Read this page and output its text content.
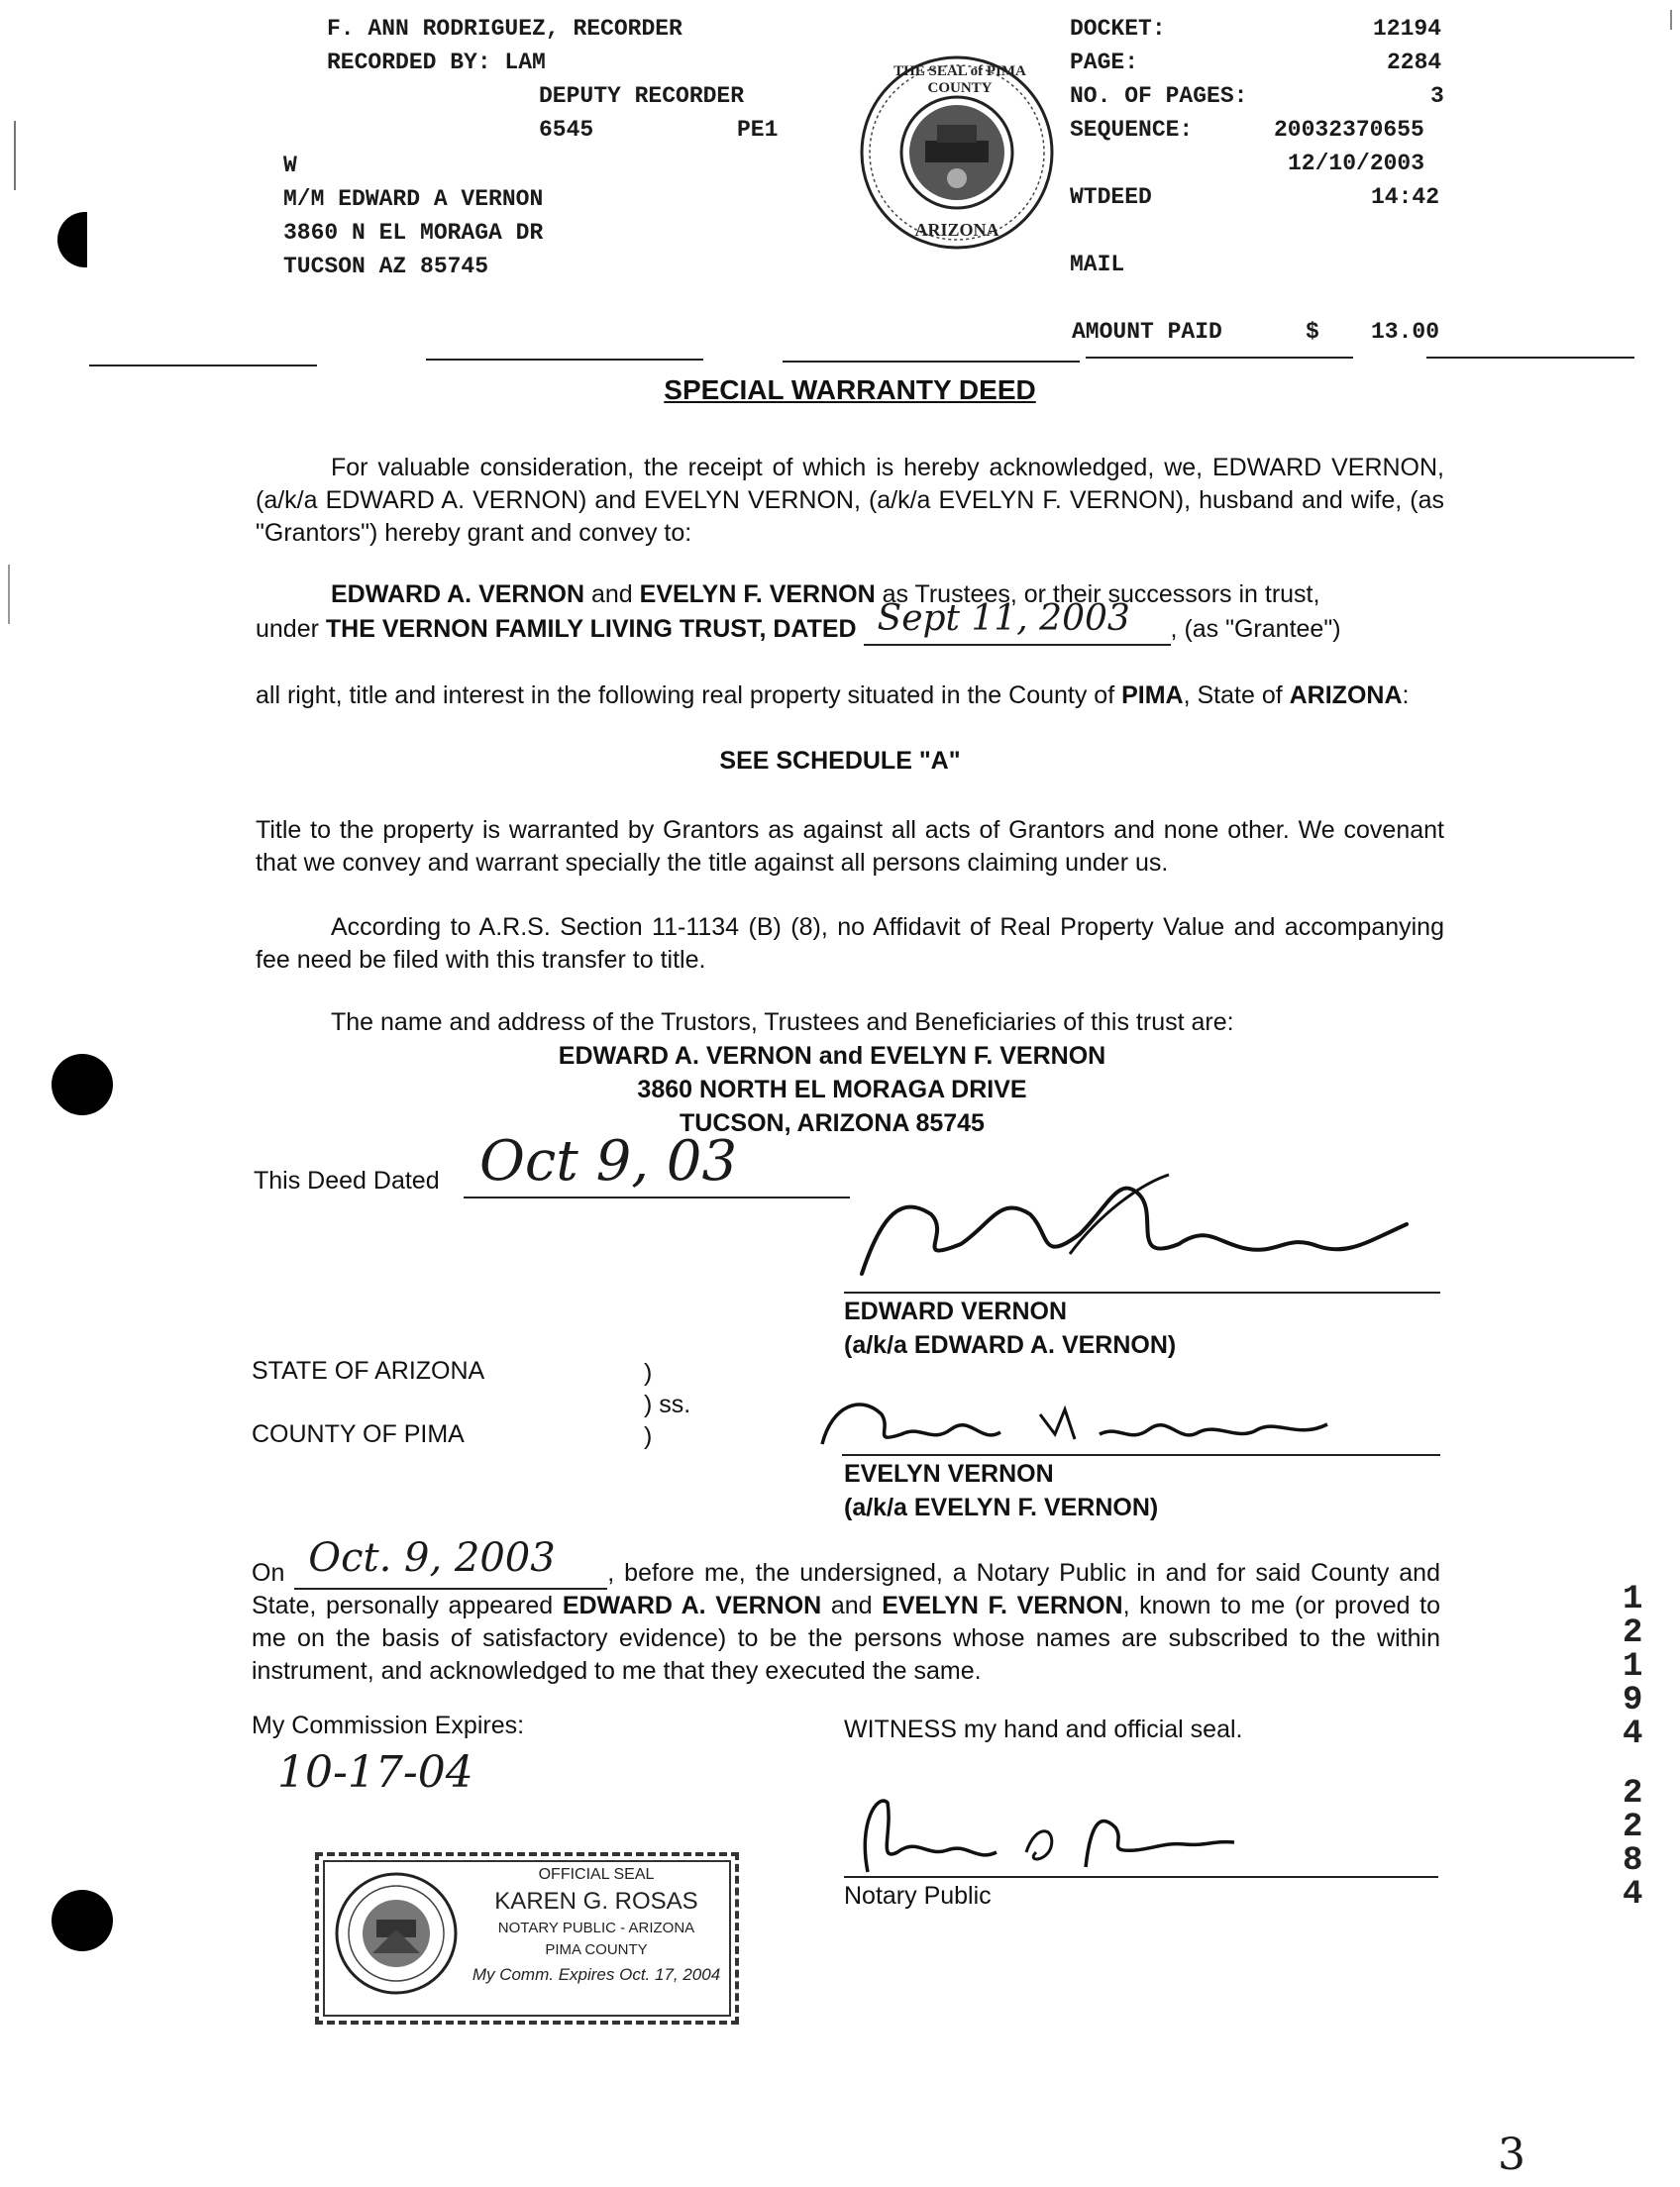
F. ANN RODRIGUEZ, RECORDER
RECORDED BY: LAM
DEPUTY RECORDER
6545	PE1
W
M/M EDWARD A VERNON
3860 N EL MORAGA DR
TUCSON AZ 85745
THE SEAL of PIMA COUNTY
ARIZONA
DOCKET:	12194
PAGE:	2284
NO. OF PAGES:	3
SEQUENCE:	20032370655
12/10/2003
WTDEED	14:42
MAIL
AMOUNT PAID	$ 13.00
SPECIAL WARRANTY DEED
For valuable consideration, the receipt of which is hereby acknowledged, we, EDWARD VERNON, (a/k/a EDWARD A. VERNON) and EVELYN VERNON, (a/k/a EVELYN F. VERNON), husband and wife, (as "Grantors") hereby grant and convey to:
EDWARD A. VERNON and EVELYN F. VERNON as Trustees, or their successors in trust,
under THE VERNON FAMILY LIVING TRUST, DATED Sept 11, 2003 , (as "Grantee")
all right, title and interest in the following real property situated in the County of PIMA, State of ARIZONA:
SEE SCHEDULE "A"
Title to the property is warranted by Grantors as against all acts of Grantors and none other. We covenant that we convey and warrant specially the title against all persons claiming under us.
According to A.R.S. Section 11-1134 (B) (8), no Affidavit of Real Property Value and accompanying fee need be filed with this transfer to title.
The name and address of the Trustors, Trustees and Beneficiaries of this trust are:
EDWARD A. VERNON and EVELYN F. VERNON
3860 NORTH EL MORAGA DRIVE
TUCSON, ARIZONA 85745
This Deed Dated Oct 9, 03
EDWARD VERNON
(a/k/a EDWARD A. VERNON)
STATE OF ARIZONA
COUNTY OF PIMA
)
) ss.
)
EVELYN VERNON
(a/k/a EVELYN F. VERNON)
On Oct. 9, 2003 , before me, the undersigned, a Notary Public in and for said County and State, personally appeared EDWARD A. VERNON and EVELYN F. VERNON, known to me (or proved to me on the basis of satisfactory evidence) to be the persons whose names are subscribed to the within instrument, and acknowledged to me that they executed the same.
My Commission Expires:
10-17-04
WITNESS my hand and official seal.
Notary Public
OFFICIAL SEAL
KAREN G. ROSAS
NOTARY PUBLIC - ARIZONA
PIMA COUNTY
My Comm. Expires Oct. 17, 2004
1
2
1
9
4
2
2
8
4
3
